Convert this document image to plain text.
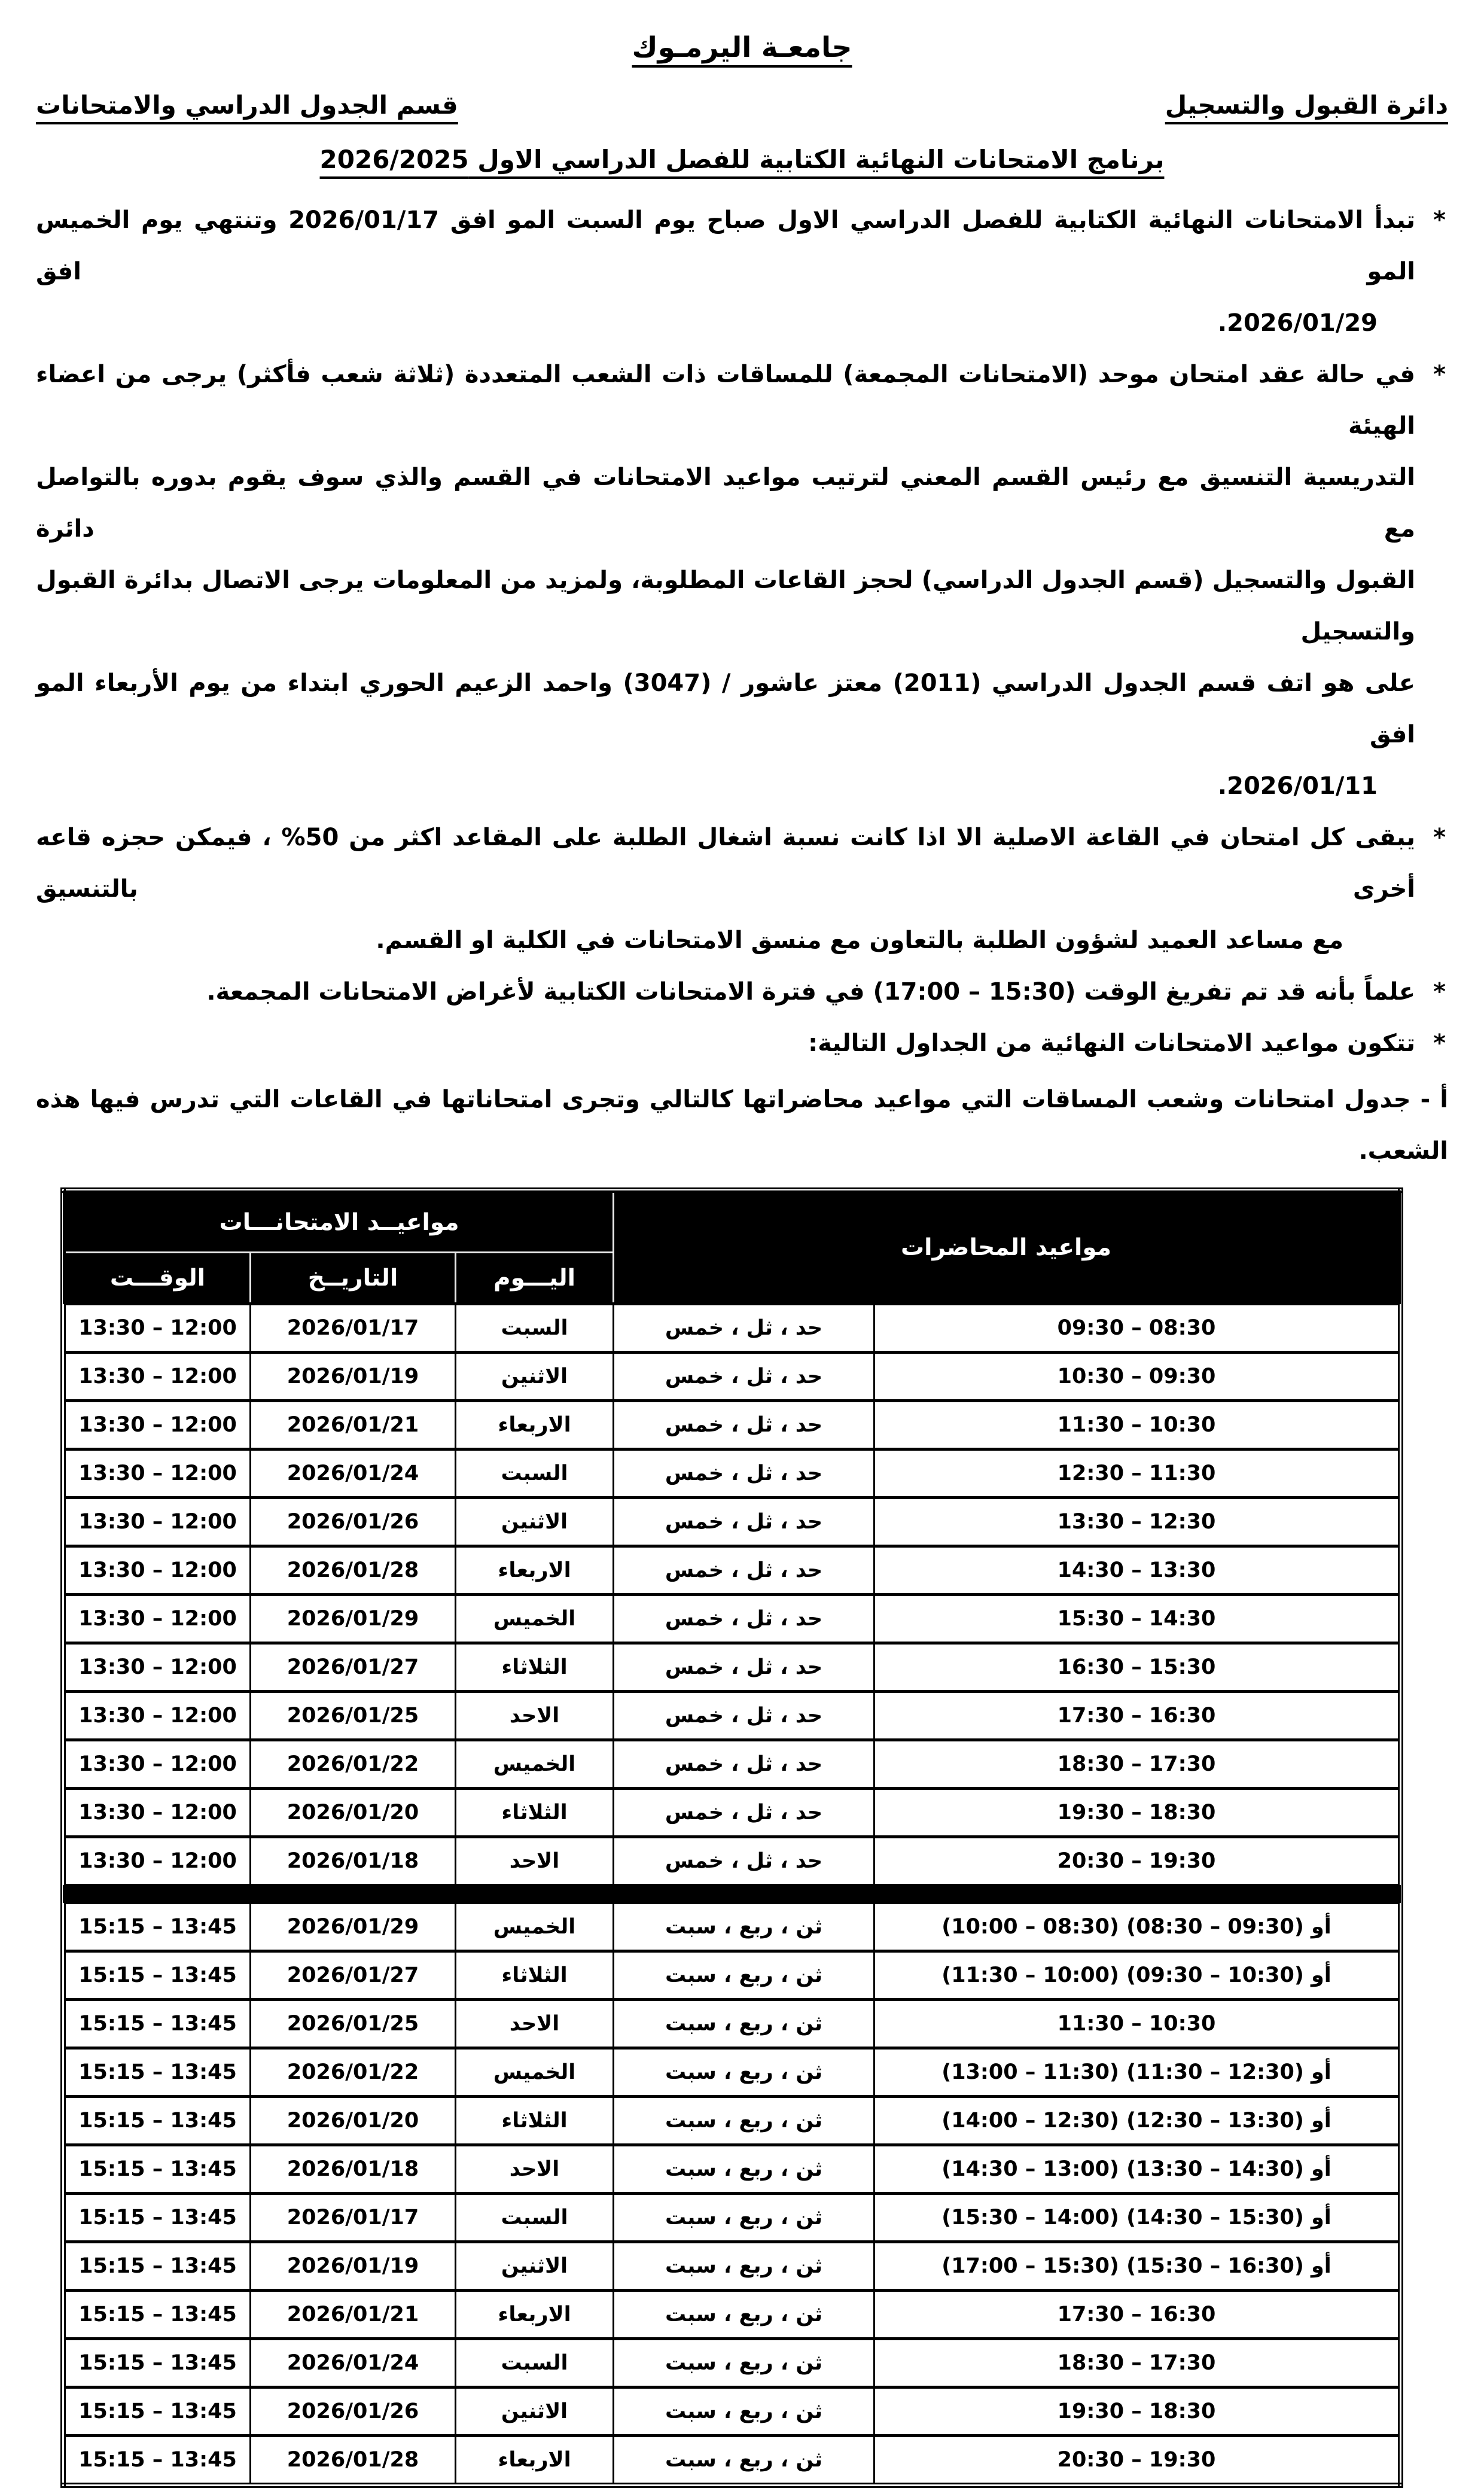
جامعـة اليرمـوك
دائرة القبول والتسجيل
قسم الجدول الدراسي والامتحانات
برنامج الامتحانات النهائية الكتابية للفصل الدراسي الاول 2026/2025
*
تبدأ الامتحانات النهائية الكتابية للفصل الدراسي الاول صباح يوم السبت المو افق 2026/01/17 وتنتهي يوم الخميس المو افق
2026/01/29.
*
في حالة عقد امتحان موحد (الامتحانات المجمعة) للمساقات ذات الشعب المتعددة (ثلاثة شعب فأكثر) يرجى من اعضاء الهيئة
التدريسية التنسيق مع رئيس القسم المعني لترتيب مواعيد الامتحانات في القسم والذي سوف يقوم بدوره بالتواصل مع دائرة
القبول والتسجيل (قسم الجدول الدراسي) لحجز القاعات المطلوبة، ولمزيد من المعلومات يرجى الاتصال بدائرة القبول والتسجيل
على هو اتف قسم الجدول الدراسي (2011) معتز عاشور / (3047) واحمد الزعيم الحوري ابتداء من يوم الأربعاء المو افق
2026/01/11.
*
يبقى كل امتحان في القاعة الاصلية الا اذا كانت نسبة اشغال الطلبة على المقاعد اكثر من 50% ، فيمكن حجزه قاعه أخرى بالتنسيق
مع مساعد العميد لشؤون الطلبة بالتعاون مع منسق الامتحانات في الكلية او القسم.
*
علماً بأنه قد تم تفريغ الوقت (15:30 – 17:00) في فترة الامتحانات الكتابية لأغراض الامتحانات المجمعة.
*
تتكون مواعيد الامتحانات النهائية من الجداول التالية:
أ - جدول امتحانات وشعب المساقات التي مواعيد محاضراتها كالتالي وتجرى امتحاناتها في القاعات التي تدرس فيها هذه الشعب.
مواعيد المحاضرات		مواعيــد الامتحانـــات		
		اليـــوم	التاريــخ	الوقـــت
09:30 – 08:30	حد ، ثل ، خمس	السبت	2026/01/17	13:30 – 12:00
10:30 – 09:30	حد ، ثل ، خمس	الاثنين	2026/01/19	13:30 – 12:00
11:30 – 10:30	حد ، ثل ، خمس	الاربعاء	2026/01/21	13:30 – 12:00
12:30 – 11:30	حد ، ثل ، خمس	السبت	2026/01/24	13:30 – 12:00
13:30 – 12:30	حد ، ثل ، خمس	الاثنين	2026/01/26	13:30 – 12:00
14:30 – 13:30	حد ، ثل ، خمس	الاربعاء	2026/01/28	13:30 – 12:00
15:30 – 14:30	حد ، ثل ، خمس	الخميس	2026/01/29	13:30 – 12:00
16:30 – 15:30	حد ، ثل ، خمس	الثلاثاء	2026/01/27	13:30 – 12:00
17:30 – 16:30	حد ، ثل ، خمس	الاحد	2026/01/25	13:30 – 12:00
18:30 – 17:30	حد ، ثل ، خمس	الخميس	2026/01/22	13:30 – 12:00
19:30 – 18:30	حد ، ثل ، خمس	الثلاثاء	2026/01/20	13:30 – 12:00
20:30 – 19:30	حد ، ثل ، خمس	الاحد	2026/01/18	13:30 – 12:00

(10:00 – 08:30) أو (09:30 – 08:30)	ثن ، ربع ، سبت	الخميس	2026/01/29	15:15 – 13:45
(11:30 – 10:00) أو (10:30 – 09:30)	ثن ، ربع ، سبت	الثلاثاء	2026/01/27	15:15 – 13:45
11:30 – 10:30	ثن ، ربع ، سبت	الاحد	2026/01/25	15:15 – 13:45
(13:00 – 11:30) أو (12:30 – 11:30)	ثن ، ربع ، سبت	الخميس	2026/01/22	15:15 – 13:45
(14:00 – 12:30) أو (13:30 – 12:30)	ثن ، ربع ، سبت	الثلاثاء	2026/01/20	15:15 – 13:45
(14:30 – 13:00) أو (14:30 – 13:30)	ثن ، ربع ، سبت	الاحد	2026/01/18	15:15 – 13:45
(15:30 – 14:00) أو (15:30 – 14:30)	ثن ، ربع ، سبت	السبت	2026/01/17	15:15 – 13:45
(17:00 – 15:30) أو (16:30 – 15:30)	ثن ، ربع ، سبت	الاثنين	2026/01/19	15:15 – 13:45
17:30 – 16:30	ثن ، ربع ، سبت	الاربعاء	2026/01/21	15:15 – 13:45
18:30 – 17:30	ثن ، ربع ، سبت	السبت	2026/01/24	15:15 – 13:45
19:30 – 18:30	ثن ، ربع ، سبت	الاثنين	2026/01/26	15:15 – 13:45
20:30 – 19:30	ثن ، ربع ، سبت	الاربعاء	2026/01/28	15:15 – 13:45
